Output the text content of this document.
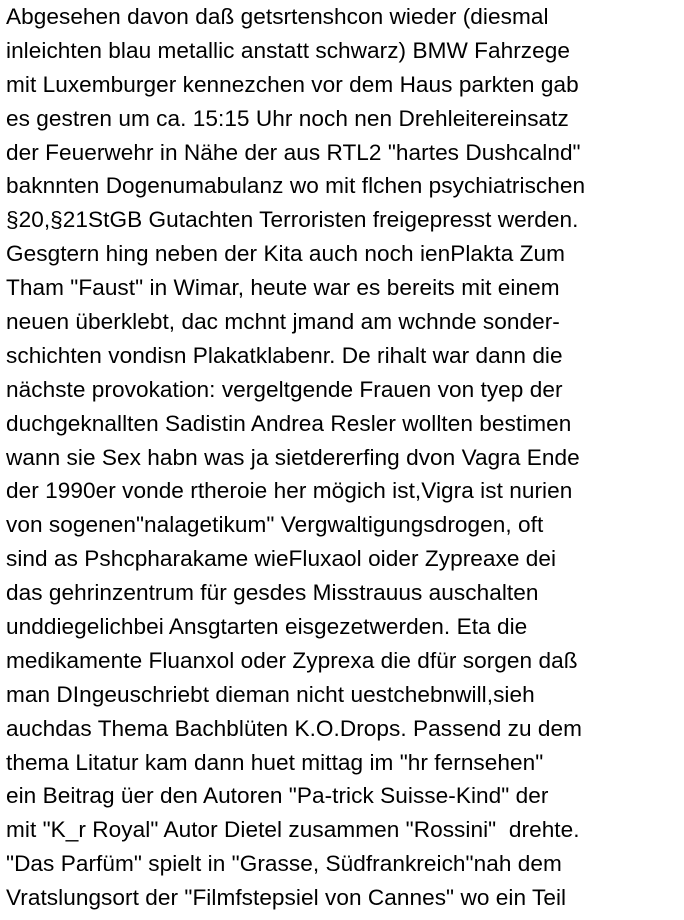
Abgesehen davon daß getsrtenshcon wieder (diesmal
inleichten blau metallic anstatt schwarz) BMW Fahrzege
mit Luxemburger kennezchen vor dem Haus parkten gab
es gestren um ca. 15:15 Uhr noch nen Drehleitereinsatz
der Feuerwehr in Nähe der aus RTL2 "hartes Dushcalnd"
baknnten Dogenumabulanz wo mit flchen psychiatrischen
§20,§21StGB Gutachten Terroristen freigepresst werden.
Gesgtern hing neben der Kita auch noch ienPlakta Zum
Tham "Faust" in Wimar, heute war es bereits mit einem
neuen überklebt, dac mchnt jmand am wchnde sonder-
schichten vondisn Plakatklabenr. De rihalt war dann die
nächste provokation: vergeltgende Frauen von tyep der
duchgeknallten Sadistin Andrea Resler wollten bestimen
wann sie Sex habn was ja sietdererfing dvon Vagra Ende
der 1990er vonde rtheroie her mögich ist,Vigra ist nurien
von sogenen"nalagetikum" Vergwaltigungsdrogen, oft
sind as Pshcpharakame wieFluxaol oider Zypreaxe dei
das gehrinzentrum für gesdes Misstrauus auschalten
unddiegelichbei Ansgtarten eisgezetwerden. Eta die
medikamente Fluanxol oder Zyprexa die dfür sorgen daß
man DIngeuschriebt dieman nicht uestchebnwill,sieh
auchdas Thema Bachblüten K.O.Drops. Passend zu dem
thema Litatur kam dann huet mittag im "hr fernsehen"
ein Beitrag üer den Autoren "Pa-trick Suisse-Kind" der
mit "K_r Royal" Autor Dietel zusammen "Rossini"  drehte.
"Das Parfüm" spielt in "Grasse, Südfrankreich"nah dem
Vratslungsort der "Filmfstepsiel von Cannes" wo ein Teil
